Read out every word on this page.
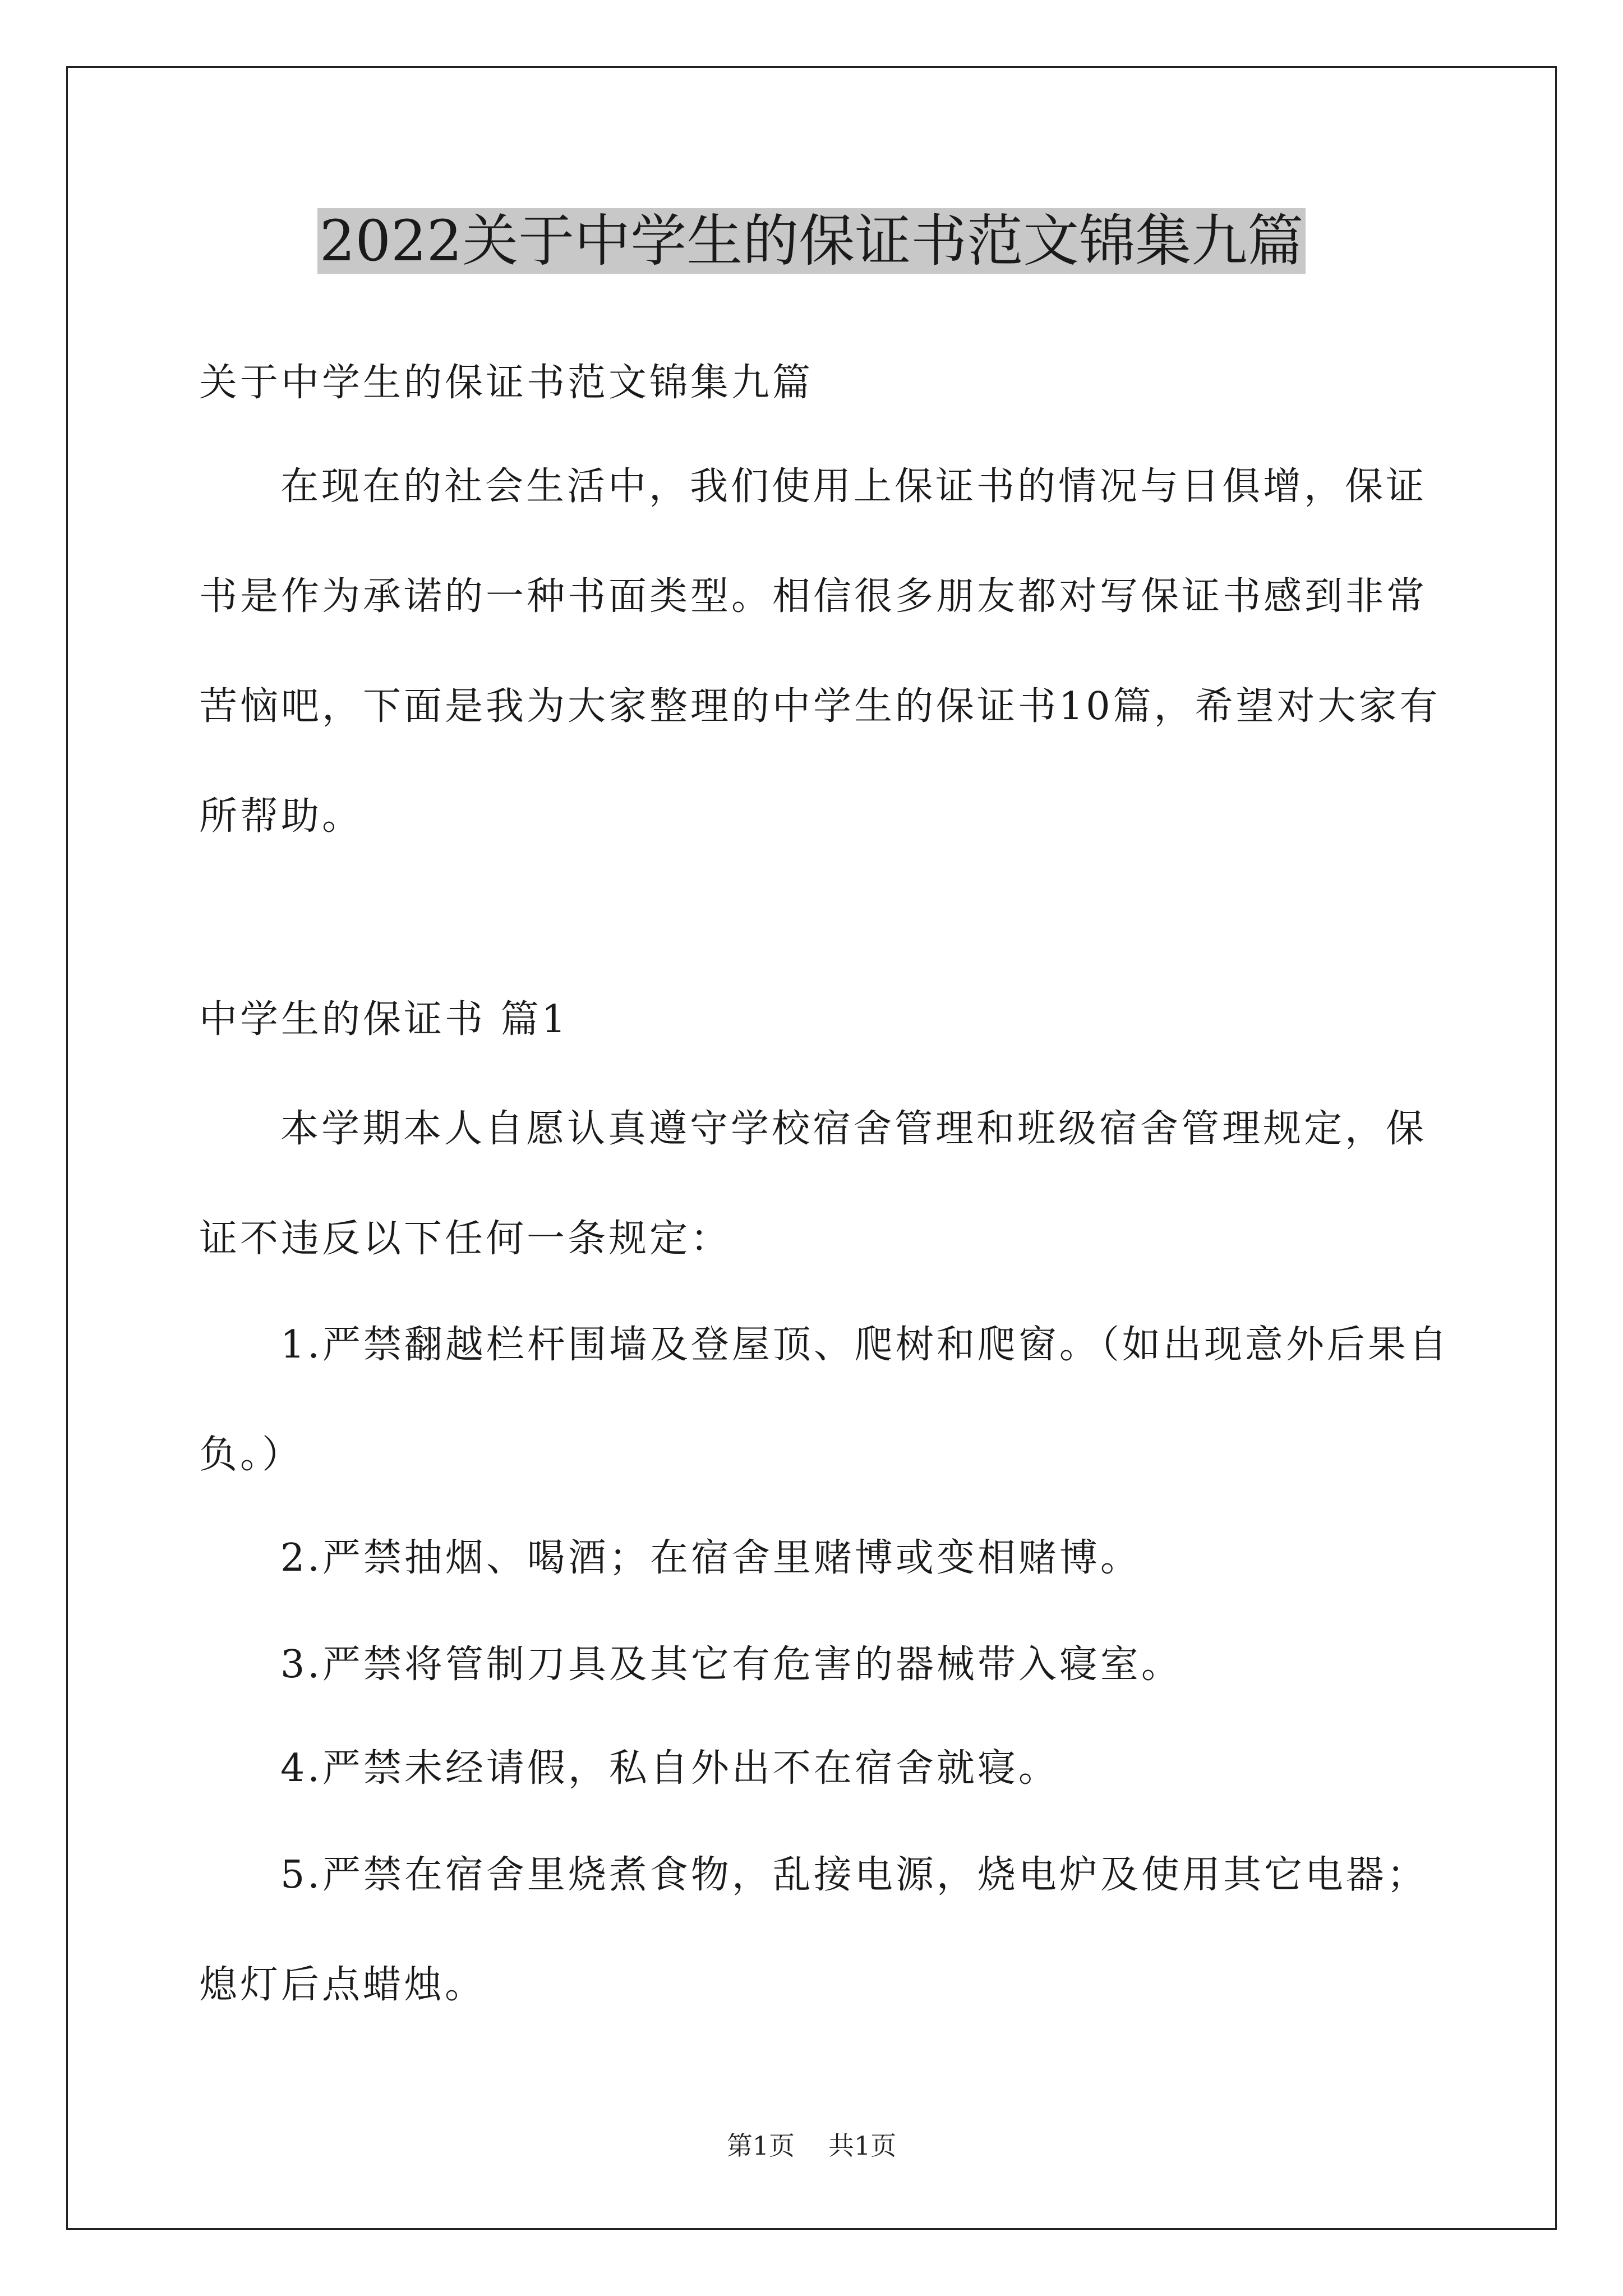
2022关于中学生的保证书范文锦集九篇
关于中学生的保证书范文锦集九篇
在现在的社会生活中，我们使用上保证书的情况与日俱增，保证
书是作为承诺的一种书面类型。相信很多朋友都对写保证书感到非常
苦恼吧，下面是我为大家整理的中学生的保证书10篇，希望对大家有
所帮助。
中学生的保证书 篇1
本学期本人自愿认真遵守学校宿舍管理和班级宿舍管理规定，保
证不违反以下任何一条规定：
1.严禁翻越栏杆围墙及登屋顶、爬树和爬窗。（如出现意外后果自
负。）
2.严禁抽烟、喝酒；在宿舍里赌博或变相赌博。
3.严禁将管制刀具及其它有危害的器械带入寝室。
4.严禁未经请假，私自外出不在宿舍就寝。
5.严禁在宿舍里烧煮食物，乱接电源，烧电炉及使用其它电器；
熄灯后点蜡烛。
第1页 共1页
